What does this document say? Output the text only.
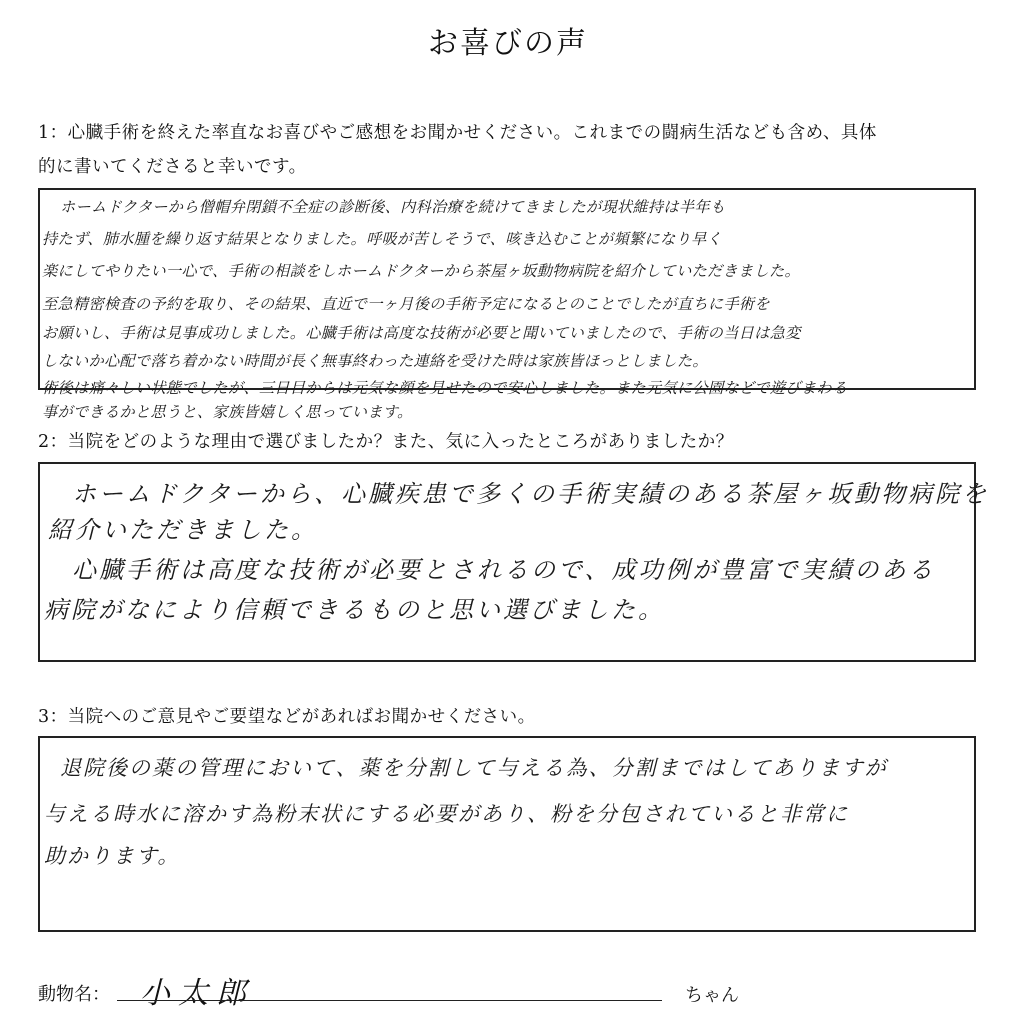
お喜びの声
1：心臓手術を終えた率直なお喜びやご感想をお聞かせください。これまでの闘病生活なども含め、具体
的に書いてくださると幸いです。
ホームドクターから僧帽弁閉鎖不全症の診断後、内科治療を続けてきましたが現状維持は半年も
持たず、肺水腫を繰り返す結果となりました。呼吸が苦しそうで、咳き込むことが頻繁になり早く
楽にしてやりたい一心で、手術の相談をしホームドクターから茶屋ヶ坂動物病院を紹介していただきました。
至急精密検査の予約を取り、その結果、直近で一ヶ月後の手術予定になるとのことでしたが直ちに手術を
お願いし、手術は見事成功しました。心臓手術は高度な技術が必要と聞いていましたので、手術の当日は急変
しないか心配で落ち着かない時間が長く無事終わった連絡を受けた時は家族皆ほっとしました。
術後は痛々しい状態でしたが、三日目からは元気な顔を見せたので安心しました。また元気に公園などで遊びまわる
事ができるかと思うと、家族皆嬉しく思っています。
2：当院をどのような理由で選びましたか？また、気に入ったところがありましたか？
ホームドクターから、心臓疾患で多くの手術実績のある茶屋ヶ坂動物病院を
紹介いただきました。
心臓手術は高度な技術が必要とされるので、成功例が豊富で実績のある
病院がなにより信頼できるものと思い選びました。
3：当院へのご意見やご要望などがあればお聞かせください。
退院後の薬の管理において、薬を分割して与える為、分割まではしてありますが
与える時水に溶かす為粉末状にする必要があり、粉を分包されていると非常に
助かります。
動物名： 小太郎	ちゃん
